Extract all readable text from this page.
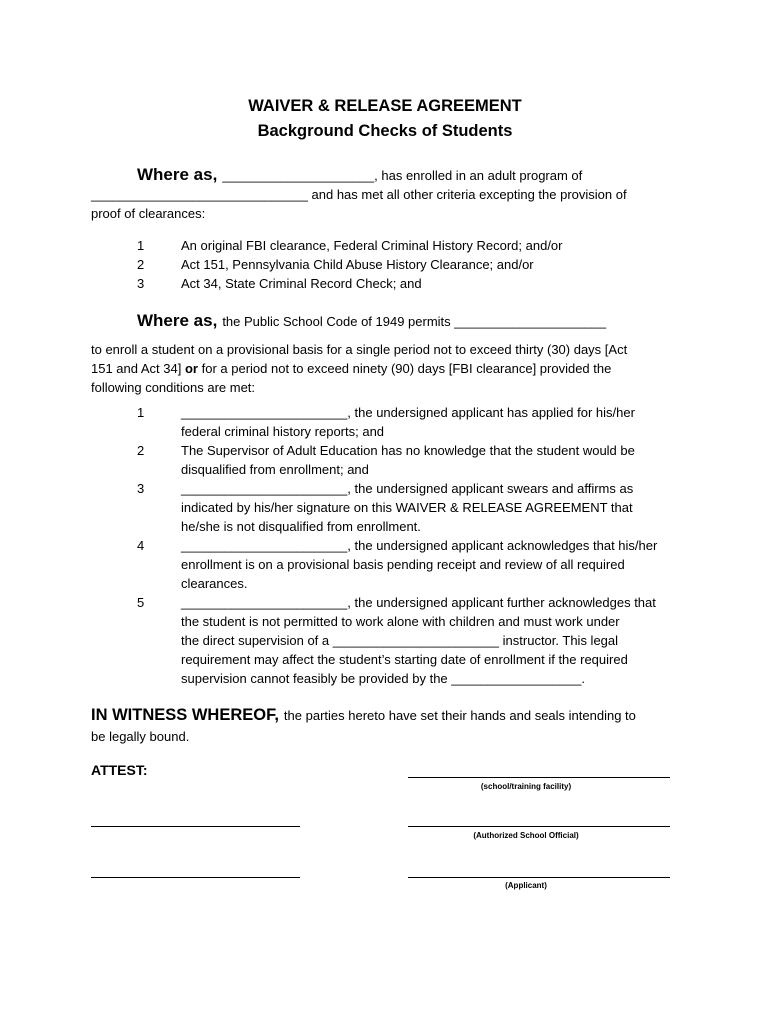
WAIVER & RELEASE AGREEMENT
Background Checks of Students
Where as, _____________________, has enrolled in an adult program of
______________________________ and has met all other criteria excepting the provision of
proof of clearances:
1	An original FBI clearance, Federal Criminal History Record; and/or
2	Act 151, Pennsylvania Child Abuse History Clearance; and/or
3	Act 34, State Criminal Record Check; and
Where as, the Public School Code of 1949 permits _____________________
to enroll a student on a provisional basis for a single period not to exceed thirty (30) days [Act
151 and Act 34] or for a period not to exceed ninety (90) days [FBI clearance] provided the
following conditions are met:
1	_______________________, the undersigned applicant has applied for his/her
federal criminal history reports; and
2	The Supervisor of Adult Education has no knowledge that the student would be
disqualified from enrollment; and
3	_______________________, the undersigned applicant swears and affirms as
indicated by his/her signature on this WAIVER & RELEASE AGREEMENT that
he/she is not disqualified from enrollment.
4	_______________________, the undersigned applicant acknowledges that his/her
enrollment is on a provisional basis pending receipt and review of all required
clearances.
5	_______________________, the undersigned applicant further acknowledges that
the student is not permitted to work alone with children and must work under
the direct supervision of a _______________________ instructor. This legal
requirement may affect the student’s starting date of enrollment if the required
supervision cannot feasibly be provided by the __________________.
IN WITNESS WHEREOF, the parties hereto have set their hands and seals intending to
be legally bound.
ATTEST:
(school/training facility)
(Authorized School Official)
(Applicant)
